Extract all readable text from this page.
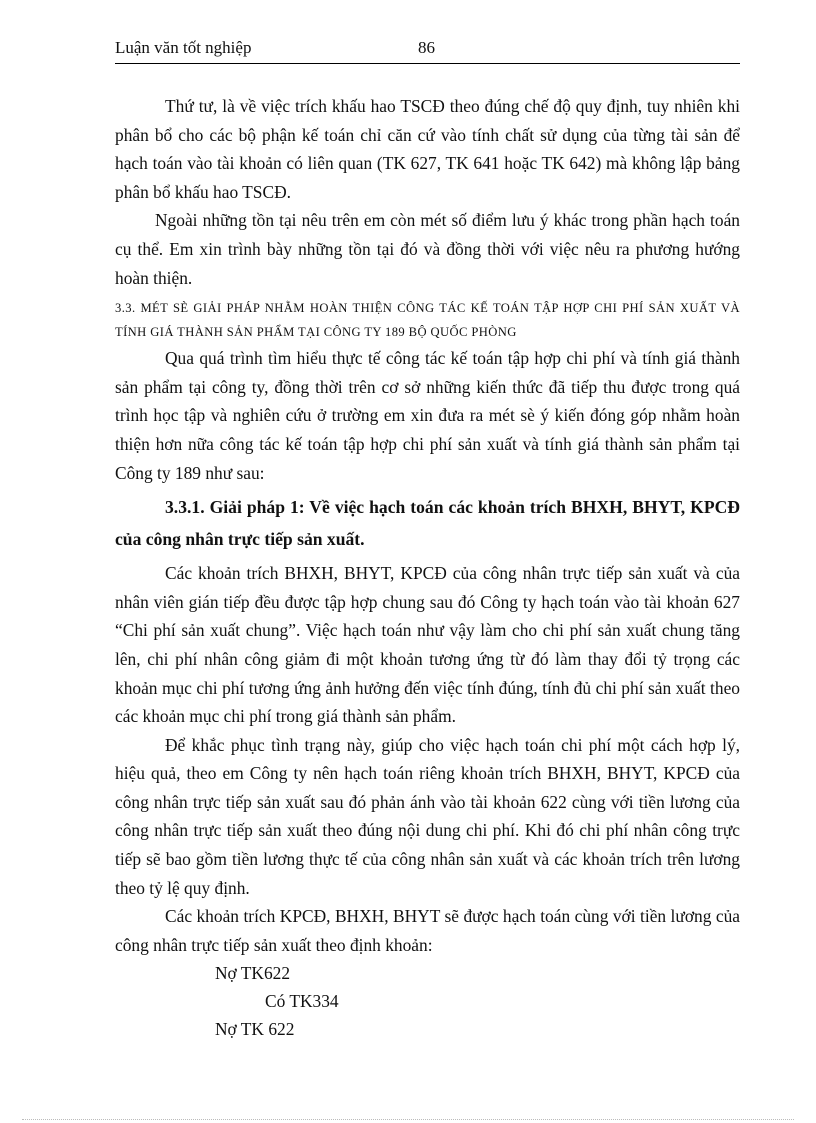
Luận văn tốt nghiệp	86

Thứ tư, là về việc trích khấu hao TSCĐ theo đúng chế độ quy định, tuy nhiên khi phân bổ cho các bộ phận kế toán chỉ căn cứ vào tính chất sử dụng của từng tài sản để hạch toán vào tài khoản có liên quan (TK 627, TK 641 hoặc TK 642) mà không lập bảng phân bổ khấu hao TSCĐ.

Ngoài những tồn tại nêu trên em còn mét số điểm lưu ý khác trong phần hạch toán cụ thể. Em xin trình bày những tồn tại đó và đồng thời với việc nêu ra phương hướng hoàn thiện.

3.3. MÉT SÈ GIẢI PHÁP NHẰM HOÀN THIỆN CÔNG TÁC KẾ TOÁN TẬP HỢP CHI PHÍ SẢN XUẤT VÀ TÍNH GIÁ THÀNH SẢN PHẨM TẠI CÔNG TY 189 BỘ QUỐC PHÒNG

Qua quá trình tìm hiểu thực tế công tác kế toán tập hợp chi phí và tính giá thành sản phẩm tại công ty, đồng thời trên cơ sở những kiến thức đã tiếp thu được trong quá trình học tập và nghiên cứu ở trường em xin đưa ra mét sè ý kiến đóng góp nhằm hoàn thiện hơn nữa công tác kế toán tập hợp chi phí sản xuất và tính giá thành sản phẩm tại Công ty 189 như sau:

3.3.1. Giải pháp 1: Về việc hạch toán các khoản trích BHXH, BHYT, KPCĐ của công nhân trực tiếp sản xuất.

Các khoản trích BHXH, BHYT, KPCĐ của công nhân trực tiếp sản xuất và của nhân viên gián tiếp đều được tập hợp chung sau đó Công ty hạch toán vào tài khoản 627 “Chi phí sản xuất chung”. Việc hạch toán như vậy làm cho chi phí sản xuất chung tăng lên, chi phí nhân công giảm đi một khoản tương ứng từ đó làm thay đổi tỷ trọng các khoản mục chi phí tương ứng ảnh hưởng đến việc tính đúng, tính đủ chi phí sản xuất theo các khoản mục chi phí trong giá thành sản phẩm.

Để khắc phục tình trạng này, giúp cho việc hạch toán chi phí một cách hợp lý, hiệu quả, theo em Công ty nên hạch toán riêng khoản trích BHXH, BHYT, KPCĐ của công nhân trực tiếp sản xuất sau đó phản ánh vào tài khoản 622 cùng với tiền lương của công nhân trực tiếp sản xuất theo đúng nội dung chi phí. Khi đó chi phí nhân công trực tiếp sẽ bao gồm tiền lương thực tế của công nhân sản xuất và các khoản trích trên lương theo tỷ lệ quy định.

Các khoản trích KPCĐ, BHXH, BHYT sẽ được hạch toán cùng với tiền lương của công nhân trực tiếp sản xuất theo định khoản:

Nợ TK622
Có TK334
Nợ TK 622
